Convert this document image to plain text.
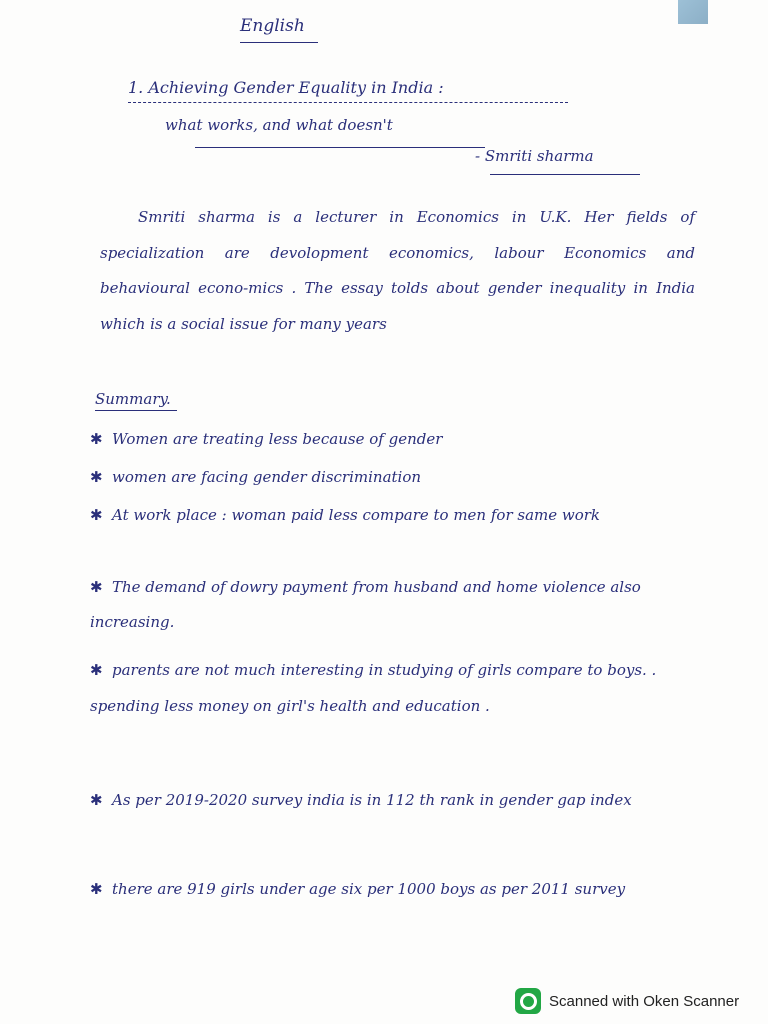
English
1. Achieving Gender Equality in India :
what works, and what doesn't
- Smriti sharma
Smriti sharma is a lecturer in Economics in U.K. Her fields of specialization are devolopment economics, labour Economics and behavioural econo-mics . The essay tolds about gender inequality in India which is a social issue for many years
Summary.
✱ Women are treating less because of gender
✱ women are facing gender discrimination
✱ At work place : woman paid less compare to men for same work
✱ The demand of dowry payment from husband and home violence also increasing.
✱ parents are not much interesting in studying of girls compare to boys. . spending less money on girl's health and education .
✱ As per 2019-2020 survey india is in 112 th rank in gender gap index
✱ there are 919 girls under age six per 1000 boys as per 2011 survey
Scanned with Oken Scanner
